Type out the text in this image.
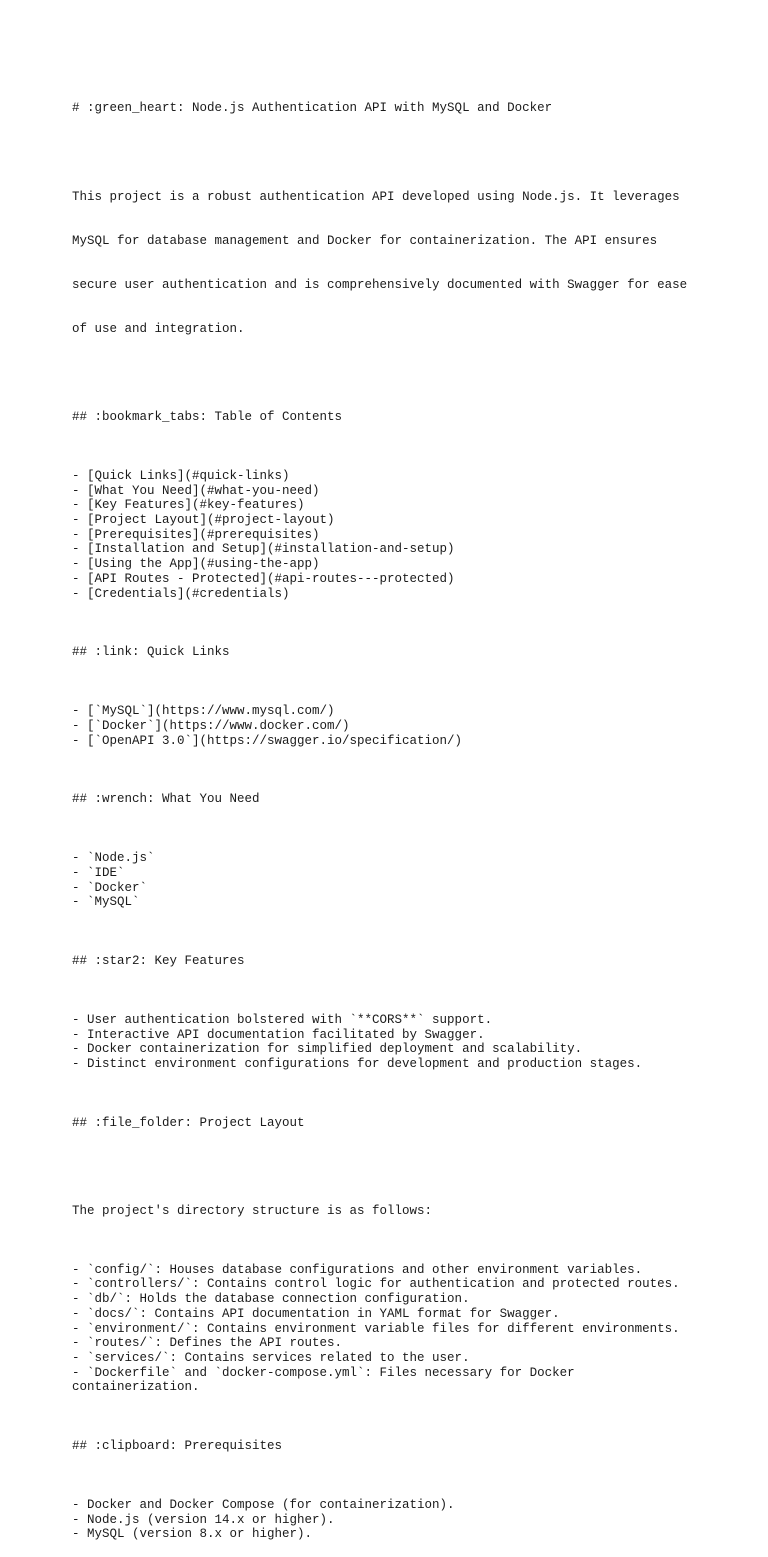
# :green_heart: Node.js Authentication API with MySQL and Docker

This project is a robust authentication API developed using Node.js. It leverages

MySQL for database management and Docker for containerization. The API ensures

secure user authentication and is comprehensively documented with Swagger for ease

of use and integration.

## :bookmark_tabs: Table of Contents

- [Quick Links](#quick-links)
- [What You Need](#what-you-need)
- [Key Features](#key-features)
- [Project Layout](#project-layout)
- [Prerequisites](#prerequisites)
- [Installation and Setup](#installation-and-setup)
- [Using the App](#using-the-app)
- [API Routes - Protected](#api-routes---protected)
- [Credentials](#credentials)

## :link: Quick Links

- [`MySQL`](https://www.mysql.com/)
- [`Docker`](https://www.docker.com/)
- [`OpenAPI 3.0`](https://swagger.io/specification/)

## :wrench: What You Need

- `Node.js`
- `IDE`
- `Docker`
- `MySQL`

## :star2: Key Features

- User authentication bolstered with `**CORS**` support.
- Interactive API documentation facilitated by Swagger.
- Docker containerization for simplified deployment and scalability.
- Distinct environment configurations for development and production stages.

## :file_folder: Project Layout

The project's directory structure is as follows:

- `config/`: Houses database configurations and other environment variables.
- `controllers/`: Contains control logic for authentication and protected routes.
- `db/`: Holds the database connection configuration.
- `docs/`: Contains API documentation in YAML format for Swagger.
- `environment/`: Contains environment variable files for different environments.
- `routes/`: Defines the API routes.
- `services/`: Contains services related to the user.
- `Dockerfile` and `docker-compose.yml`: Files necessary for Docker
containerization.

## :clipboard: Prerequisites

- Docker and Docker Compose (for containerization).
- Node.js (version 14.x or higher).
- MySQL (version 8.x or higher).
